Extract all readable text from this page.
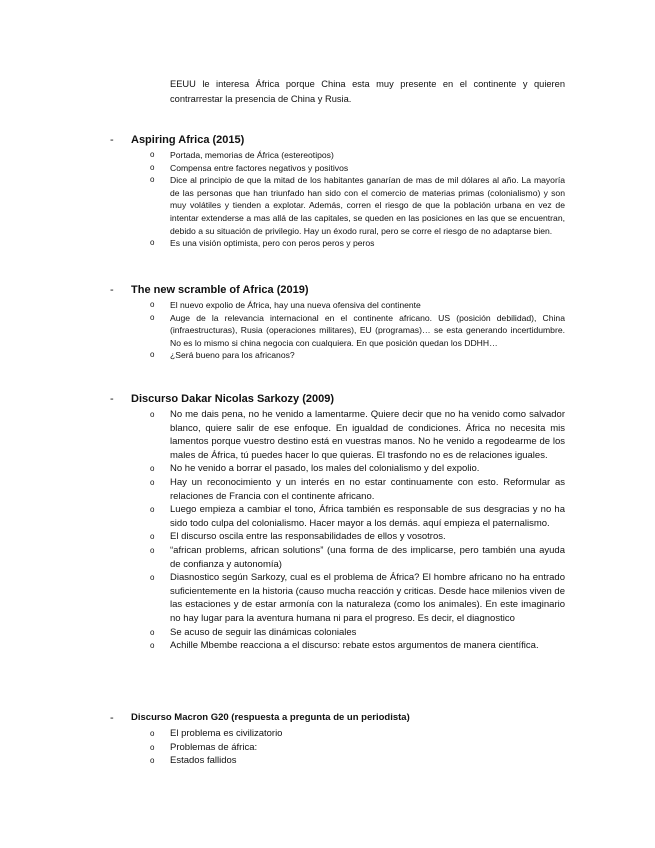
EEUU le interesa África porque China esta muy presente en el continente y quieren contrarrestar la presencia de China y Rusia.
- Aspiring Africa (2015)
o Portada, memorias de África (estereotipos)
o Compensa entre factores negativos y positivos
o Dice al principio de que la mitad de los habitantes ganarían de mas de mil dólares al año. La mayoría de las personas que han triunfado han sido con el comercio de materias primas (colonialismo) y son muy volátiles y tienden a explotar. Además, corren el riesgo de que la población urbana en vez de intentar extenderse a mas allá de las capitales, se queden en las posiciones en las que se encuentran, debido a su situación de privilegio. Hay un éxodo rural, pero se corre el riesgo de no adaptarse bien.
o Es una visión optimista, pero con peros peros y peros
- The new scramble of Africa (2019)
o El nuevo expolio de África, hay una nueva ofensiva del continente
o Auge de la relevancia internacional en el continente africano. US (posición debilidad), China (infraestructuras), Rusia (operaciones militares), EU (programas)… se esta generando incertidumbre. No es lo mismo si china negocia con cualquiera. En que posición quedan los DDHH…
o ¿Será bueno para los africanos?
- Discurso Dakar Nicolas Sarkozy (2009)
o No me dais pena, no he venido a lamentarme. Quiere decir que no ha venido como salvador blanco, quiere salir de ese enfoque. En igualdad de condiciones. África no necesita mis lamentos porque vuestro destino está en vuestras manos. No he venido a regodearme de los males de África, tú puedes hacer lo que quieras. El trasfondo no es de relaciones iguales.
o No he venido a borrar el pasado, los males del colonialismo y del expolio.
o Hay un reconocimiento y un interés en no estar continuamente con esto. Reformular as relaciones de Francia con el continente africano.
o Luego empieza a cambiar el tono, África también es responsable de sus desgracias y no ha sido todo culpa del colonialismo. Hacer mayor a los demás. aquí empieza el paternalismo.
o El discurso oscila entre las responsabilidades de ellos y vosotros.
o “african problems, african solutions” (una forma de des implicarse, pero también una ayuda de confianza y autonomía)
o Diasnostico según Sarkozy, cual es el problema de África? El hombre africano no ha entrado suficientemente en la historia (causo mucha reacción y criticas. Desde hace milenios viven de las estaciones y de estar armonía con la naturaleza (como los animales). En este imaginario no hay lugar para la aventura humana ni para el progreso. Es decir, el diagnostico
o Se acuso de seguir las dinámicas coloniales
o Achille Mbembe reacciona a el discurso: rebate estos argumentos de manera científica.
- Discurso Macron G20 (respuesta a pregunta de un periodista)
o El problema es civilizatorio
o Problemas de áfrica:
o Estados fallidos
